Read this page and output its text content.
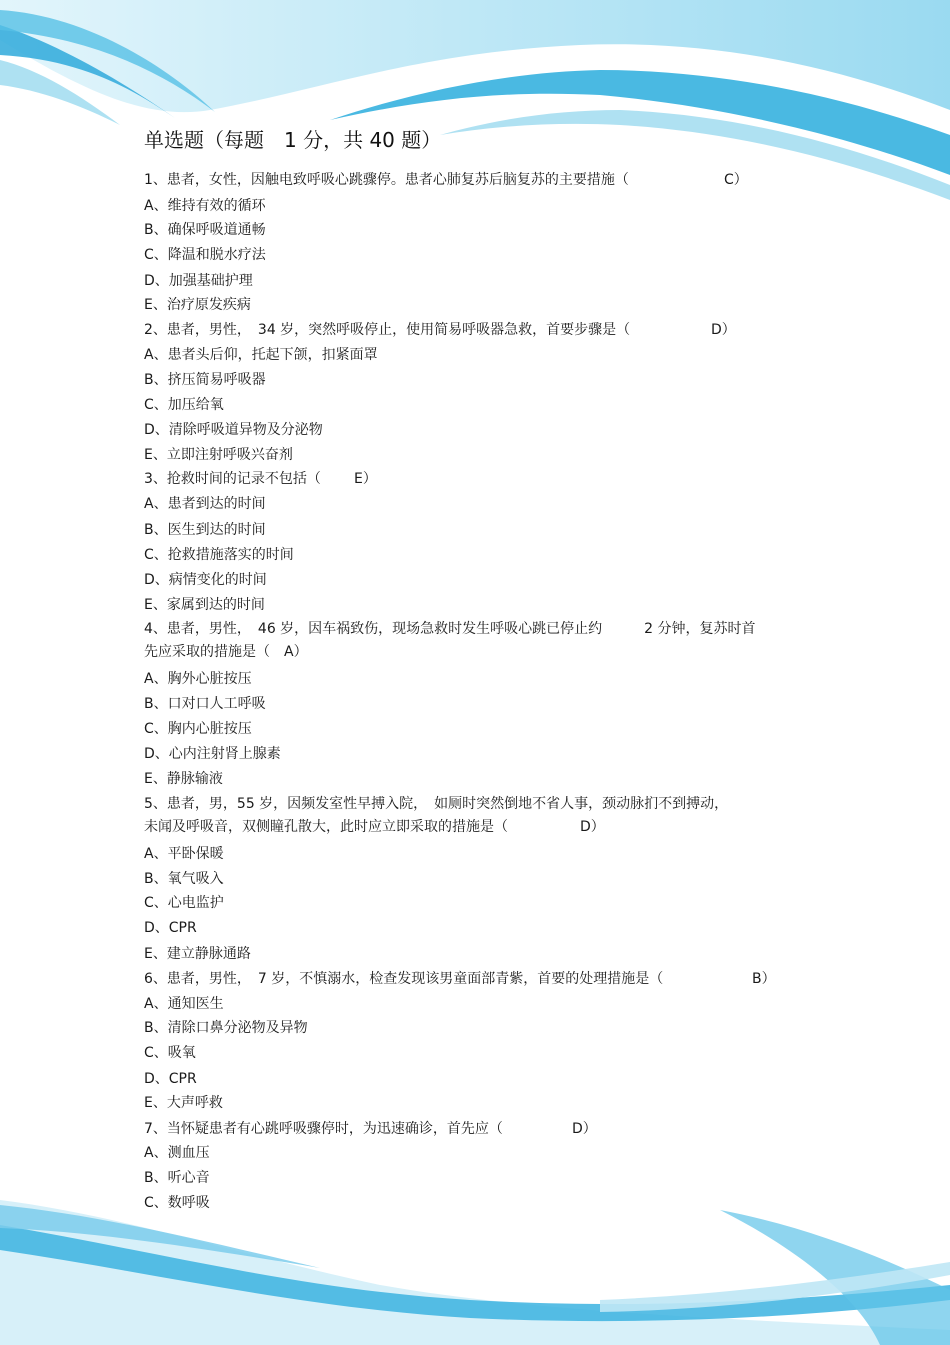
单选题（每题　1 分，共 40 题）
1、患者，女性，因触电致呼吸心跳骤停。患者心肺复苏后脑复苏的主要措施（	C）
A、维持有效的循环
B、确保呼吸道通畅
C、降温和脱水疗法
D、加强基础护理
E、治疗原发疾病
2、患者，男性，　34 岁，突然呼吸停止，使用简易呼吸器急救，首要步骤是（	D）
A、患者头后仰，托起下颌，扣紧面罩
B、挤压简易呼吸器
C、加压给氧
D、清除呼吸道异物及分泌物
E、立即注射呼吸兴奋剂
3、抢救时间的记录不包括（ E）
A、患者到达的时间
B、医生到达的时间
C、抢救措施落实的时间
D、病情变化的时间
E、家属到达的时间
4、患者，男性，　46 岁，因车祸致伤，现场急救时发生呼吸心跳已停止约　　　2 分钟，复苏时首
先应采取的措施是（　A）
A、胸外心脏按压
B、口对口人工呼吸
C、胸内心脏按压
D、心内注射肾上腺素
E、静脉输液
5、患者，男，55 岁，因频发室性早搏入院，　如厕时突然倒地不省人事，颈动脉扪不到搏动，
未闻及呼吸音，双侧瞳孔散大，此时应立即采取的措施是（	D）
A、平卧保暖
B、氧气吸入
C、心电监护
D、CPR
E、建立静脉通路
6、患者，男性，　7 岁，不慎溺水，检查发现该男童面部青紫，首要的处理措施是（	B）
A、通知医生
B、清除口鼻分泌物及异物
C、吸氧
D、CPR
E、大声呼救
7、当怀疑患者有心跳呼吸骤停时，为迅速确诊，首先应（	D）
A、测血压
B、听心音
C、数呼吸
